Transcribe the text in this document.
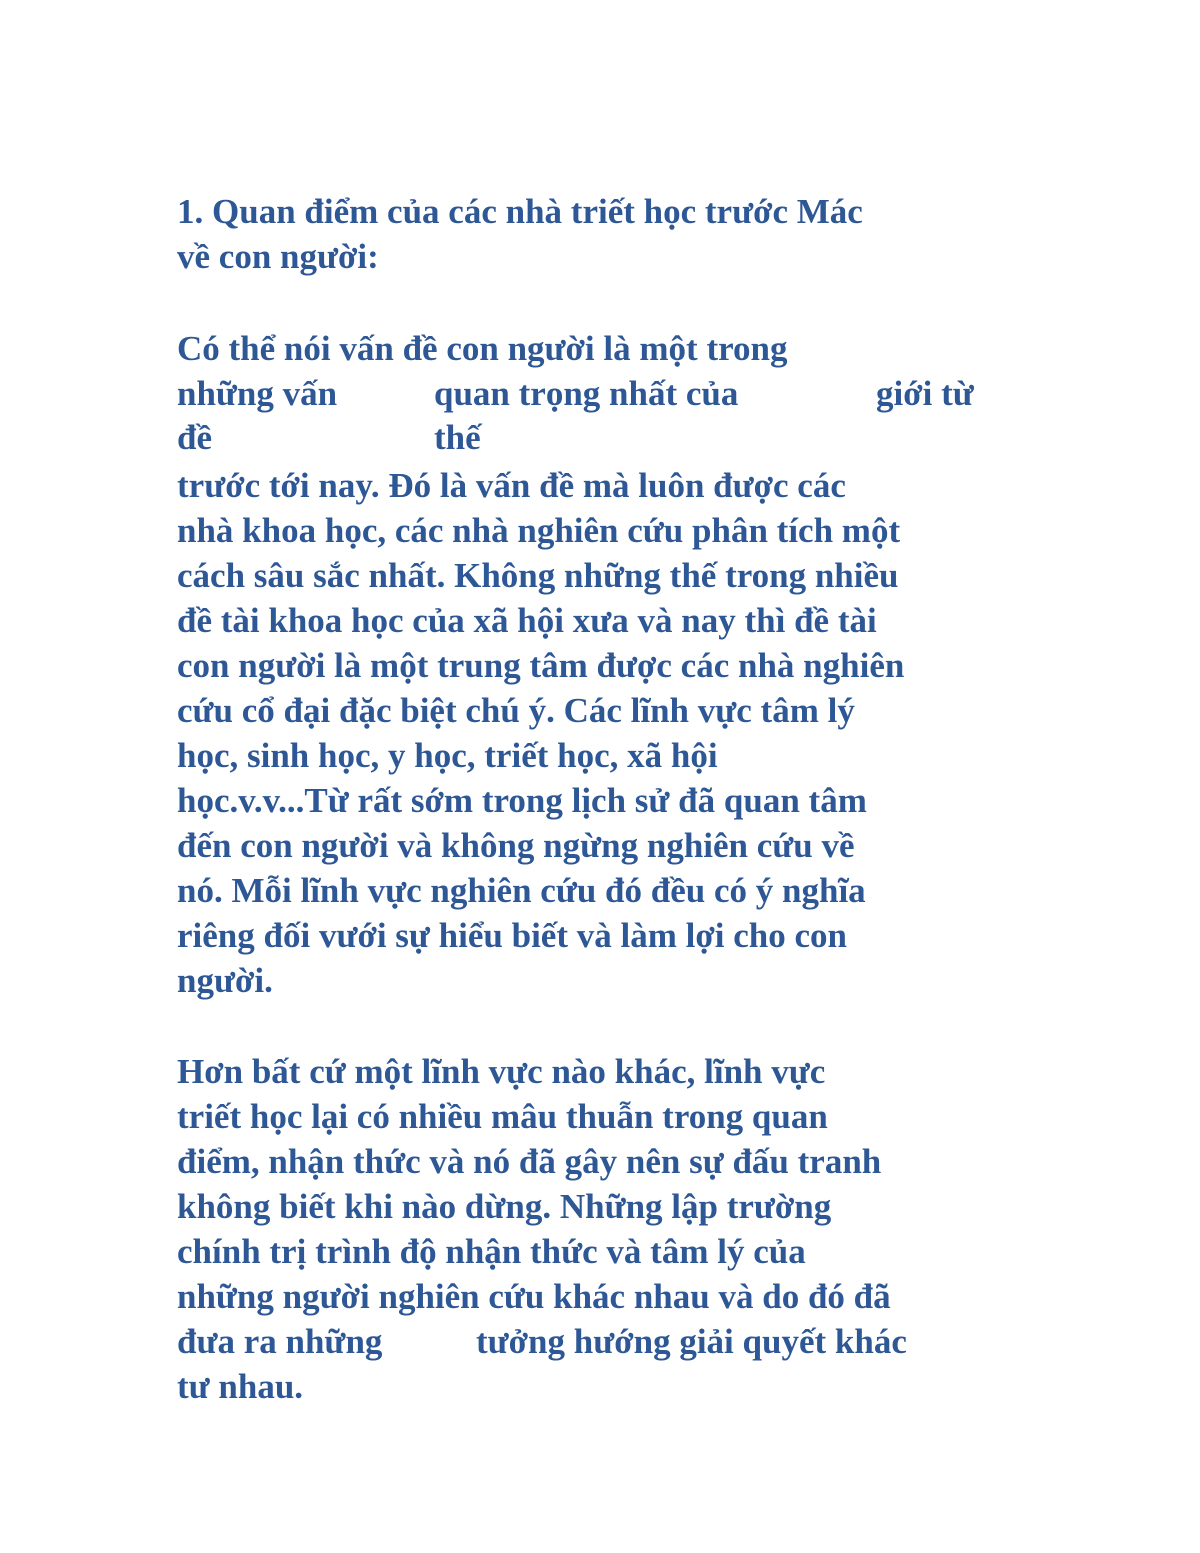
1. Quan điểm của các nhà triết học trước Mác
về con người:
Có thể nói vấn đề con người là một trong
những vấn	quan trọng nhất của	giới từ
đề	thế
trước tới nay. Đó là vấn đề mà luôn được các
nhà khoa học, các nhà nghiên cứu phân tích một
cách sâu sắc nhất. Không những thế trong nhiều
đề tài khoa học của xã hội xưa và nay thì đề tài
con người là một trung tâm được các nhà nghiên
cứu cổ đại đặc biệt chú ý. Các lĩnh vực tâm lý
học, sinh học, y học, triết học, xã hội
học.v.v...Từ rất sớm trong lịch sử đã quan tâm
đến con người và không ngừng nghiên cứu về
nó. Mỗi lĩnh vực nghiên cứu đó đều có ý nghĩa
riêng đối vưới sự hiểu biết và làm lợi cho con
người.
Hơn bất cứ một lĩnh vực nào khác, lĩnh vực
triết học lại có nhiều mâu thuẫn trong quan
điểm, nhận thức và nó đã gây nên sự đấu tranh
không biết khi nào dừng. Những lập trường
chính trị trình độ nhận thức và tâm lý của
những người nghiên cứu khác nhau và do đó đã
đưa ra những	tưởng hướng giải quyết khác
tư nhau.
